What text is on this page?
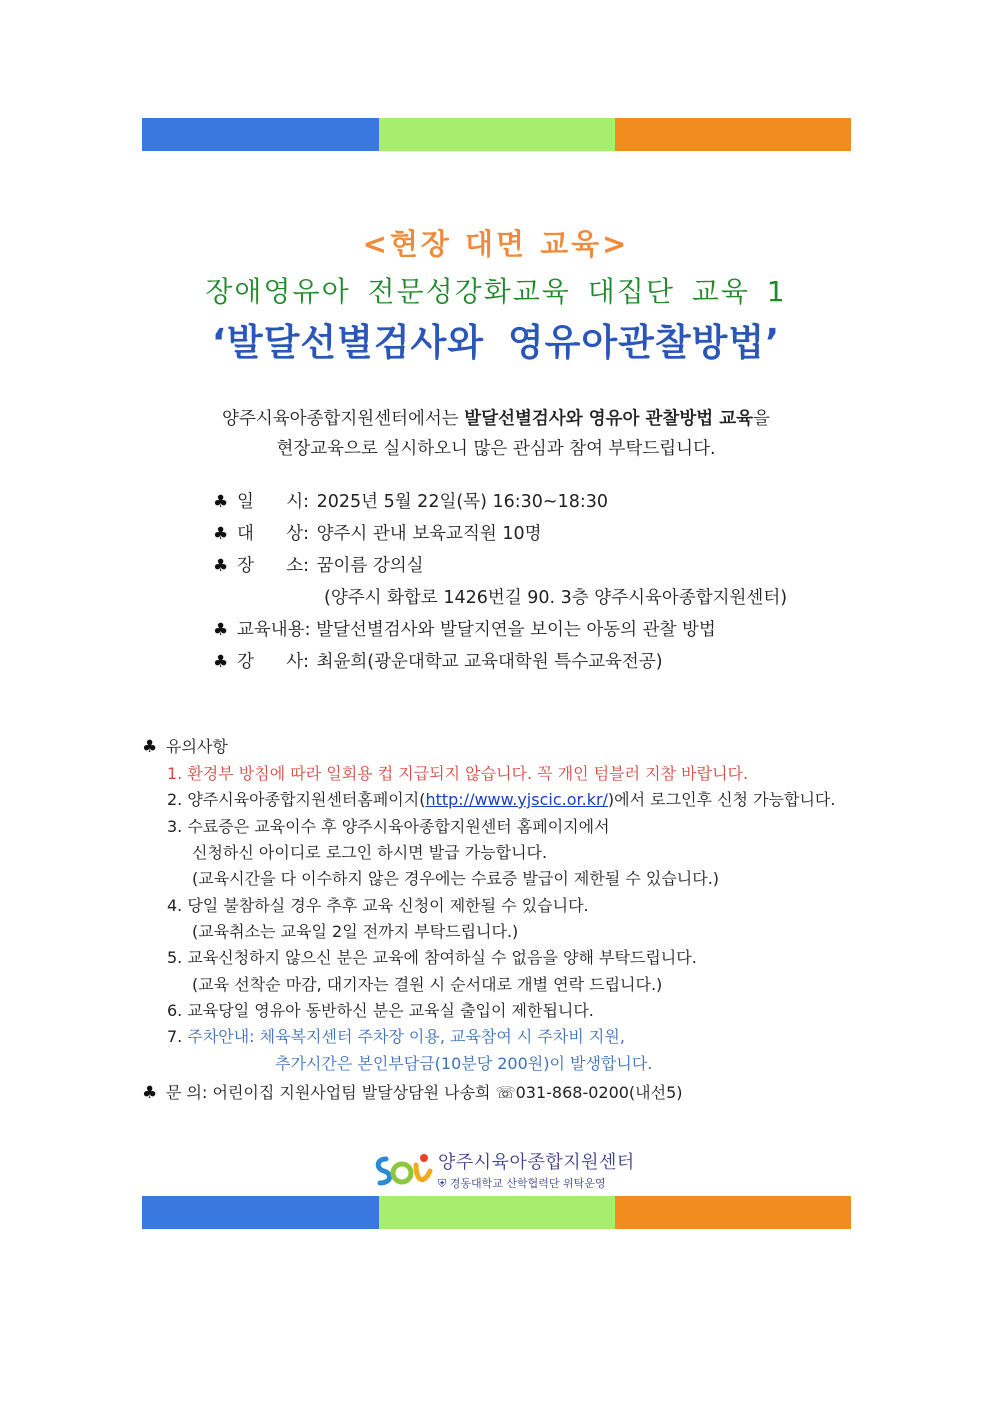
<현장 대면 교육>
장애영유아 전문성강화교육 대집단 교육 1
‘발달선별검사와 영유아관찰방법’
양주시육아종합지원센터에서는 발달선별검사와 영유아 관찰방법 교육을
현장교육으로 실시하오니 많은 관심과 참여 부탁드립니다.
♣ 일 시: 2025년 5월 22일(목) 16:30~18:30
♣ 대 상: 양주시 관내 보육교직원 10명
♣ 장 소: 꿈이름 강의실
(양주시 화합로 1426번길 90. 3층 양주시육아종합지원센터)
♣ 교육내용: 발달선별검사와 발달지연을 보이는 아동의 관찰 방법
♣ 강 사: 최윤희(광운대학교 교육대학원 특수교육전공)
♣ 유의사항
1. 환경부 방침에 따라 일회용 컵 지급되지 않습니다. 꼭 개인 텀블러 지참 바랍니다.
2. 양주시육아종합지원센터홈페이지(http://www.yjscic.or.kr/)에서 로그인후 신청 가능합니다.
3. 수료증은 교육이수 후 양주시육아종합지원센터 홈페이지에서
신청하신 아이디로 로그인 하시면 발급 가능합니다.
(교육시간을 다 이수하지 않은 경우에는 수료증 발급이 제한될 수 있습니다.)
4. 당일 불참하실 경우 추후 교육 신청이 제한될 수 있습니다.
(교육취소는 교육일 2일 전까지 부탁드립니다.)
5. 교육신청하지 않으신 분은 교육에 참여하실 수 없음을 양해 부탁드립니다.
(교육 선착순 마감, 대기자는 결원 시 순서대로 개별 연락 드립니다.)
6. 교육당일 영유아 동반하신 분은 교육실 출입이 제한됩니다.
7. 주차안내: 체육복지센터 주차장 이용, 교육참여 시 주차비 지원,
추가시간은 본인부담금(10분당 200원)이 발생합니다.
♣ 문 의: 어린이집 지원사업팀 발달상담원 나송희 ☏031-868-0200(내선5)
양주시육아종합지원센터
⛨ 경동대학교 산학협력단 위탁운영
